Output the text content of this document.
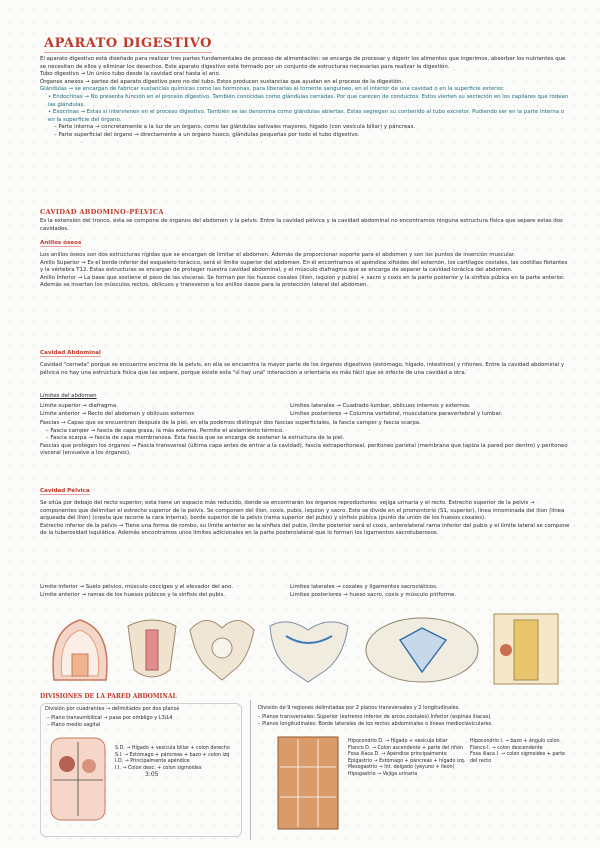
APARATO DIGESTIVO
El aparato digestivo está diseñado para realizar tres partes fundamentales de proceso de alimentación: se encarga de procesar y digerir los alimentos que ingerimos, absorber los nutrientes que se necesitan de ellos y eliminar los desechos. Este aparato digestivo está formado por un conjunto de estructuras necesarias para realizar la digestión.
Tubo digestivo → Un único tubo desde la cavidad oral hasta el ano.
Órganos anexos → partes del aparato digestivo pero no del tubo. Estos producen sustancias que ayudan en el proceso de la digestión.
Glándulas → se encargan de fabricar sustancias químicas como las hormonas, para liberarlas al torrente sanguíneo, en el interior de una cavidad o en la superficie exterior.
• Endocrinas → No presenta función en el proceso digestivo. También conocidas como glándulas cerradas. Por que carecen de conductos. Estos vierten su secreción en los capilares que rodean las glándulas.
• Exocrinas → Estas sí intervienen en el proceso digestivo. También se las denomina como glándulas abiertas. Estas segregan su contenido al tubo excretor. Pudiendo ser en la parte interna o en la superficie del órgano.
– Parte interna → concretamente a la luz de un órgano, como las glándulas salivales mayores, hígado (con vesícula biliar) y páncreas.
– Parte superficial del órgano → directamente a un órgano hueco, glándulas pequeñas por todo el tubo digestivo.
CAVIDAD ABDOMINO-PÉLVICA
Es la extensión del tronco, ésta se compone de órganos del abdomen y la pelvis. Entre la cavidad pélvica y la cavidad abdominal no encontramos ninguna estructura física que separe estas dos cavidades.
Anillos óseos
Los anillos óseos son dos estructuras rígidas que se encargan de limitar el abdomen. Además de proporcionar soporte para el abdomen y son los puntos de inserción muscular.
Anillo Superior → Es el borde inferior del esqueleto torácico, será el límite superior del abdomen. En él encontramos el apéndice xifoides del esternón, los cartílagos costales, las costillas flotantes y la vértebra T12. Estas estructuras se encargan de proteger nuestra cavidad abdominal, y el músculo diafragma que se encarga de separar la cavidad torácica del abdomen.
Anillo Inferior → La base que sostiene el peso de las vísceras. Se forman por los huesos coxales (ilion, isquion y pubis) + sacro y coxis en la parte posterior y la sínfisis púbica en la parte anterior.
Además se insertan los músculos rectos, oblicuos y transverso a los anillos óseos para la protección lateral del abdomen.
Cavidad Abdominal
Cavidad "cerrada" porque se encuentra encima de la pelvis, en ella se encuentra la mayor parte de los órganos digestivos (estómago, hígado, intestinos) y riñones. Entre la cavidad abdominal y pélvica no hay una estructura física que las separe, porque existe esta "sí hay una" interacción a orientarla es más fácil que se infecte de una cavidad a otra.
Límites del abdomen
Límite superior → diafragma
Límite anterior → Recto del abdomen y oblicuos externos
Límites laterales → Cuadrado lumbar, oblicuos internos y externos.
Límites posteriores → Columna vertebral, musculatura paravertebral y lumbar.
Fascias → Capas que se encuentran después de la piel, en ella podemos distinguir dos fascias superficiales, la fascia camper y fascia scarpa.
– Fascia camper → fascia de capa grasa, la más externa. Permite el aislamiento térmico.
– Fascia scarpa → fascia de capa membranosa. Esta fascia que se encarga de sostener la estructura de la piel.
Fascias que protegen los órganos → Fascia transversal (última capa antes de entrar a la cavidad), fascia extraperitoneal, peritoneo parietal (membrana que tapiza la pared por dentro) y peritoneo visceral (envuelve a los órganos).
Cavidad Pélvica
Se sitúa por debajo del recto superior, esta tiene un espacio más reducido, donde se encontrarán los órganos reproductores: vejiga urinaria y el recto. Estrecho superior de la pelvis → componentes que delimitan el estrecho superior de la pelvis. Se componen del ilion, coxis, pubis, isquion y sacro. Este se divide en el promontorio (S1, superior), línea innominada del ilion (línea arqueada del ilion) (cresta que recorre la cara interna), borde superior de la pelvis (rama superior del pubis) y sínfisis púbica (punto de unión de los huesos coxales).
Estrecho inferior de la pelvis → Tiene una forma de rombo, su límite anterior es la sínfisis del pubis, límite posterior será el coxis, anterolateral rama inferior del pubis y el límite lateral se compone de la tuberosidad isquiática. Además encontramos unos límites adicionales en la parte posterolateral que lo forman los ligamentos sacrotuberosos.
Límite inferior → Suelo pélvico, músculo coccígeo y el elevador del ano.
Límite anterior → ramas de los huesos púbicos y la sínfisis del pubis.
Límites laterales → coxales y ligamentos sacrociáticos.
Límites posteriores → hueso sacro, coxis y músculo piriforme.
DIVISIONES DE LA PARED ABDOMINAL
División por cuadrantes → delimitados por dos planos
– Plano transumbilical → pasa por ombligo y L3/L4
– Plano medio sagital
S.D. → Hígado + vesícula biliar + colon derecho
S.I. → Estómago + páncreas + bazo + colon izq
I.D. → Principalmente apéndice
I.I. → Colon desc. + colon sigmoides
3:05
División de 9 regiones delimitadas por 2 planos transversales y 2 longitudinales.
– Planos transversales: Superior (extremo inferior de arcos costales) Inferior (espinas iliacas)
– Planos longitudinales: Borde laterales de los rectos abdominales o líneas medioclaviculares.
Hipocondrio D. → Hígado + vesícula biliar
Flanco D. → Colon ascendente + parte del riñón
Fosa ilíaca D. → Apéndice principalmente
Epigastrio → Estómago + páncreas + hígado izq.
Mesogastrio → Int. delgado (yeyuno + íleon)
Hipogastrio → Vejiga urinaria
Hipocondrio I. → bazo + ángulo colon
Flanco I. → colon descendente
Fosa ilíaca I. → colon sigmoides + parte del recto
